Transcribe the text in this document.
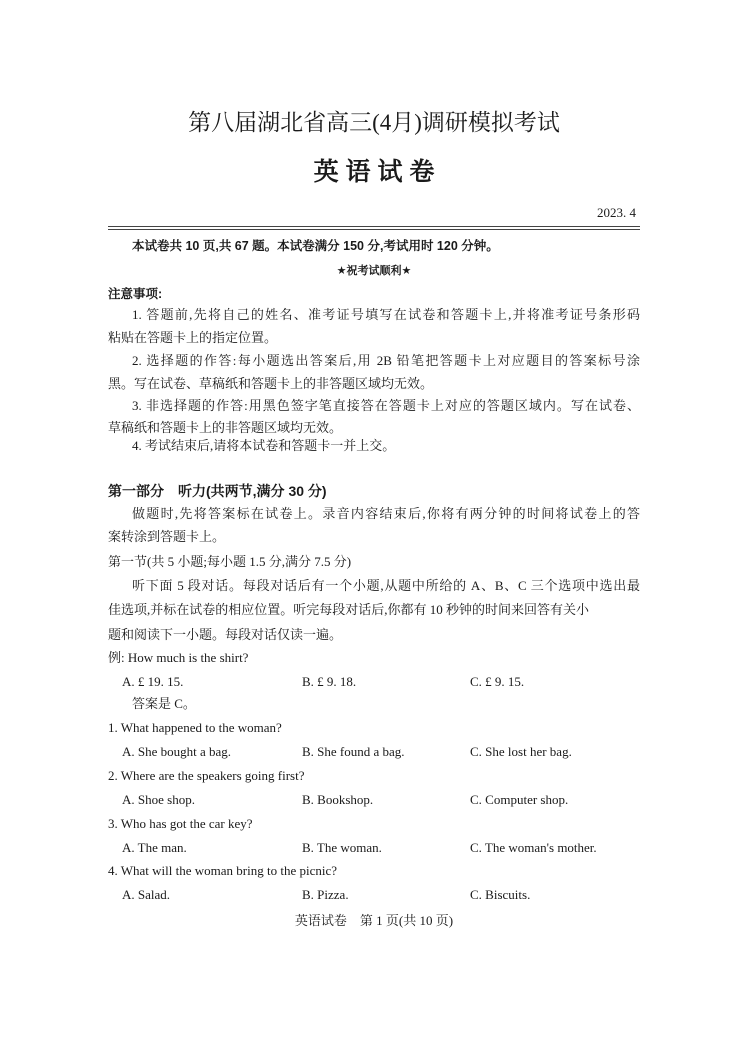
第八届湖北省高三(4月)调研模拟考试
英 语 试 卷
2023. 4
本试卷共 10 页,共 67 题。本试卷满分 150 分,考试用时 120 分钟。
★祝考试顺利★
注意事项:
1. 答题前,先将自己的姓名、准考证号填写在试卷和答题卡上,并将准考证号条形码
粘贴在答题卡上的指定位置。
2. 选择题的作答:每小题选出答案后,用 2B 铅笔把答题卡上对应题目的答案标号涂
黑。写在试卷、草稿纸和答题卡上的非答题区域均无效。
3. 非选择题的作答:用黑色签字笔直接答在答题卡上对应的答题区域内。写在试卷、
草稿纸和答题卡上的非答题区域均无效。
4. 考试结束后,请将本试卷和答题卡一并上交。
第一部分　听力(共两节,满分 30 分)
做题时,先将答案标在试卷上。录音内容结束后,你将有两分钟的时间将试卷上的答
案转涂到答题卡上。
第一节(共 5 小题;每小题 1.5 分,满分 7.5 分)
听下面 5 段对话。每段对话后有一个小题,从题中所给的 A、B、C 三个选项中选出最
佳选项,并标在试卷的相应位置。听完每段对话后,你都有 10 秒钟的时间来回答有关小
题和阅读下一小题。每段对话仅读一遍。
例: How much is the shirt?
A. £ 19. 15.	B. £ 9. 18.	C. £ 9. 15.
答案是 C。
1. What happened to the woman?
A. She bought a bag.	B. She found a bag.	C. She lost her bag.
2. Where are the speakers going first?
A. Shoe shop.	B. Bookshop.	C. Computer shop.
3. Who has got the car key?
A. The man.	B. The woman.	C. The woman's mother.
4. What will the woman bring to the picnic?
A. Salad.	B. Pizza.	C. Biscuits.
英语试卷　第 1 页(共 10 页)
